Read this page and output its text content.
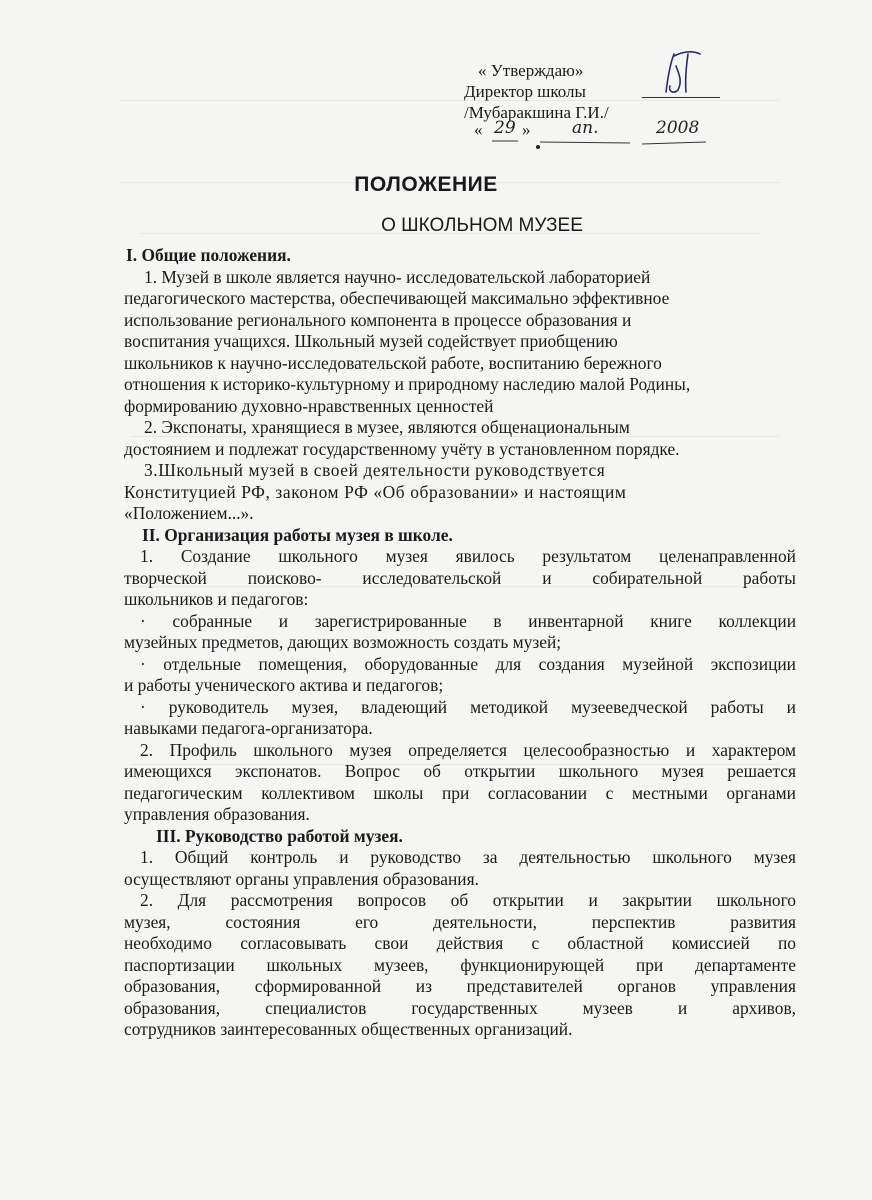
« Утверждаю»
Директор школы
/Мубаракшина Г.И./
« 29 » ап.	2008
ПОЛОЖЕНИЕ
О ШКОЛЬНОМ МУЗЕЕ

I. Общие положения.

1. Музей в школе является научно- исследовательской лабораторией

педагогического мастерства, обеспечивающей максимально эффективное

использование регионального компонента в процессе образования и

воспитания учащихся. Школьный музей содействует приобщению

школьников к научно-исследовательской работе, воспитанию бережного

отношения к историко-культурному и природному наследию малой Родины,

формированию духовно-нравственных ценностей

2. Экспонаты, хранящиеся в музее, являются общенациональным

достоянием и подлежат государственному учёту в установленном порядке.

3.Школьный музей в своей деятельности руководствуется

Конституцией РФ, законом РФ «Об образовании» и настоящим

«Положением...».

II. Организация работы музея в школе.

1. Создание школьного музея явилось результатом целенаправленной

творческой поисково- исследовательской и собирательной работы

школьников и педагогов:

· собранные и зарегистрированные в инвентарной книге коллекции

музейных предметов, дающих возможность создать музей;

· отдельные помещения, оборудованные для создания музейной экспозиции

и работы ученического актива и педагогов;

· руководитель музея, владеющий методикой музееведческой работы и

навыками педагога-организатора.

2. Профиль школьного музея определяется целесообразностью и характером

имеющихся экспонатов. Вопрос об открытии школьного музея решается

педагогическим коллективом школы при согласовании с местными органами

управления образования.

III. Руководство работой музея.

1. Общий контроль и руководство за деятельностью школьного музея

осуществляют органы управления образования.

2. Для рассмотрения вопросов об открытии и закрытии школьного

музея, состояния его деятельности, перспектив развития

необходимо согласовывать свои действия с областной комиссией по

паспортизации школьных музеев, функционирующей при департаменте

образования, сформированной из представителей органов управления

образования, специалистов государственных музеев и архивов,

сотрудников заинтересованных общественных организаций.
